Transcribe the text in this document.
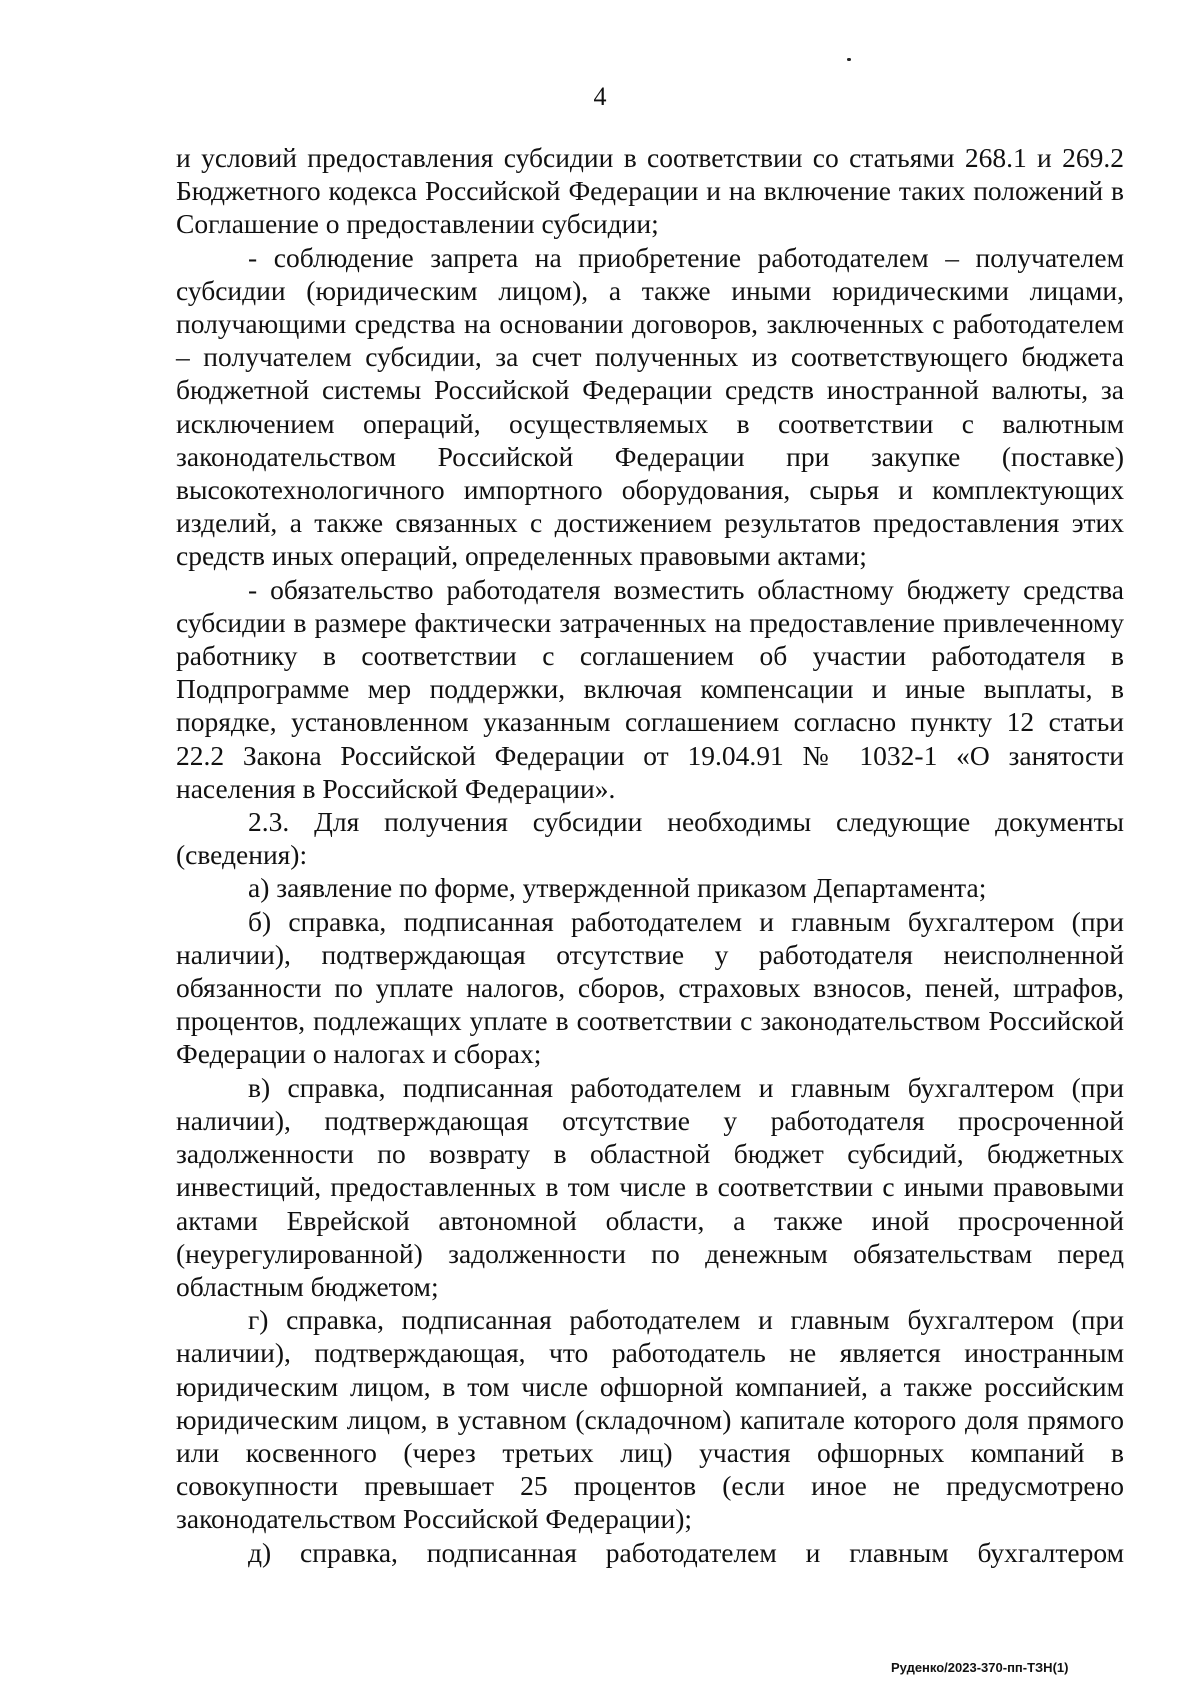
4

и условий предоставления субсидии в соответствии со статьями 268.1 и 269.2 Бюджетного кодекса Российской Федерации и на включение таких положений в Соглашение о предоставлении субсидии;

- соблюдение запрета на приобретение работодателем – получателем субсидии (юридическим лицом), а также иными юридическими лицами, получающими средства на основании договоров, заключенных с работодателем – получателем субсидии, за счет полученных из соответствующего бюджета бюджетной системы Российской Федерации средств иностранной валюты, за исключением операций, осуществляемых в соответствии с валютным законодательством Российской Федерации при закупке (поставке) высокотехнологичного импортного оборудования, сырья и комплектующих изделий, а также связанных с достижением результатов предоставления этих средств иных операций, определенных правовыми актами;

- обязательство работодателя возместить областному бюджету средства субсидии в размере фактически затраченных на предоставление привлеченному работнику в соответствии с соглашением об участии работодателя в Подпрограмме мер поддержки, включая компенсации и иные выплаты, в порядке, установленном указанным соглашением согласно пункту 12 статьи 22.2 Закона Российской Федерации от 19.04.91 № 1032-1 «О занятости населения в Российской Федерации».

2.3. Для получения субсидии необходимы следующие документы (сведения):

а) заявление по форме, утвержденной приказом Департамента;

б) справка, подписанная работодателем и главным бухгалтером (при наличии), подтверждающая отсутствие у работодателя неисполненной обязанности по уплате налогов, сборов, страховых взносов, пеней, штрафов, процентов, подлежащих уплате в соответствии с законодательством Российской Федерации о налогах и сборах;

в) справка, подписанная работодателем и главным бухгалтером (при наличии), подтверждающая отсутствие у работодателя просроченной задолженности по возврату в областной бюджет субсидий, бюджетных инвестиций, предоставленных в том числе в соответствии с иными правовыми актами Еврейской автономной области, а также иной просроченной (неурегулированной) задолженности по денежным обязательствам перед областным бюджетом;

г) справка, подписанная работодателем и главным бухгалтером (при наличии), подтверждающая, что работодатель не является иностранным юридическим лицом, в том числе офшорной компанией, а также российским юридическим лицом, в уставном (складочном) капитале которого доля прямого или косвенного (через третьих лиц) участия офшорных компаний в совокупности превышает 25 процентов (если иное не предусмотрено законодательством Российской Федерации);

д) справка, подписанная работодателем и главным бухгалтером

Руденко/2023-370-пп-ТЗН(1)
